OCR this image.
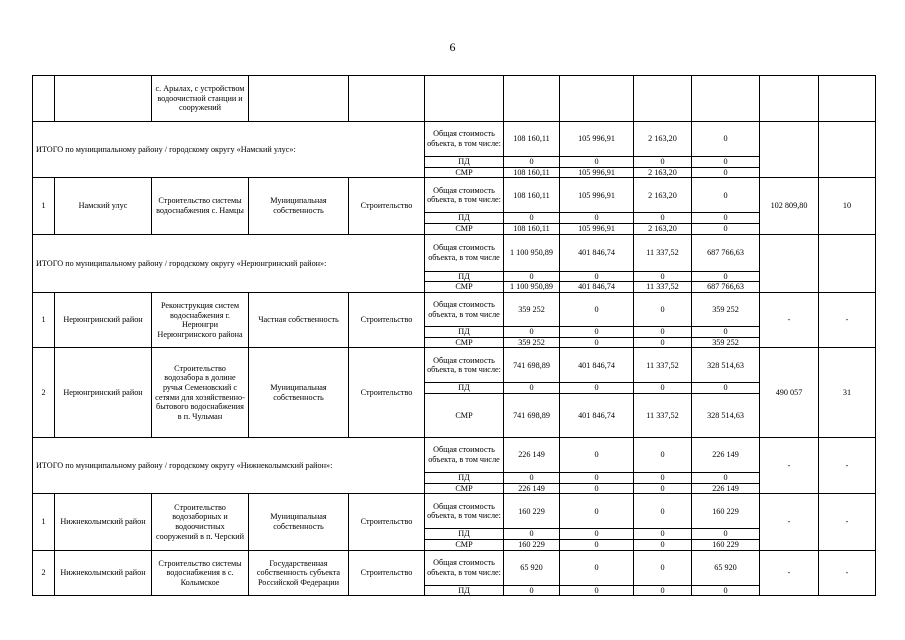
6
		с. Арылах, с устройством водоочистной станции и сооружений									
ИТОГО по муниципальному району / городскому округу «Намский улус»:					Общая стоимость объекта, в том числе:	108 160,11	105 996,91	2 163,20	0		
					ПД	0	0	0	0		
					СМР	108 160,11	105 996,91	2 163,20	0		
1	Намский улус	Строительство системы водоснабжения с. Намцы	Муниципальная собственность	Строительство	Общая стоимость объекта, в том числе:	108 160,11	105 996,91	2 163,20	0	102 809,80	10
					ПД	0	0	0	0		
					СМР	108 160,11	105 996,91	2 163,20	0		
ИТОГО по муниципальному району / городскому округу «Нерюнгринский район»:					Общая стоимость объекта, в том числе	1 100 950,89	401 846,74	11 337,52	687 766,63		
					ПД	0	0	0	0		
					СМР	1 100 950,89	401 846,74	11 337,52	687 766,63		
1	Нерюнгринский район	Реконструкция систем водоснабжения г. Нерюнгри Нерюнгринского района	Частная собственность	Строительство	Общая стоимость объекта, в том числе	359 252	0	0	359 252	-	-
					ПД	0	0	0	0		
					СМР	359 252	0	0	359 252		
2	Нерюнгринский район	Строительство водозабора в долине ручья Семеновский с сетями для хозяйственно-бытового водоснабжения в п. Чульман	Муниципальная собственность	Строительство	Общая стоимость объекта, в том числе:	741 698,89	401 846,74	11 337,52	328 514,63	490 057	31
					ПД	0	0	0	0		
					СМР	741 698,89	401 846,74	11 337,52	328 514,63		
ИТОГО по муниципальному району / городскому округу «Нижнеколымский район»:					Общая стоимость объекта, в том числе	226 149	0	0	226 149	-	-
					ПД	0	0	0	0		
					СМР	226 149	0	0	226 149		
1	Нижнеколымский район	Строительство водозаборных и водоочистных сооружений в п. Черский	Муниципальная собственность	Строительство	Общая стоимость объекта, в том числе:	160 229	0	0	160 229	-	-
					ПД	0	0	0	0		
					СМР	160 229	0	0	160 229		
2	Нижнеколымский район	Строительство системы водоснабжения в с. Колымское	Государственная собственность субъекта Российской Федерации	Строительство	Общая стоимость объекта, в том числе:	65 920	0	0	65 920	-	-
					ПД	0	0	0	0		
